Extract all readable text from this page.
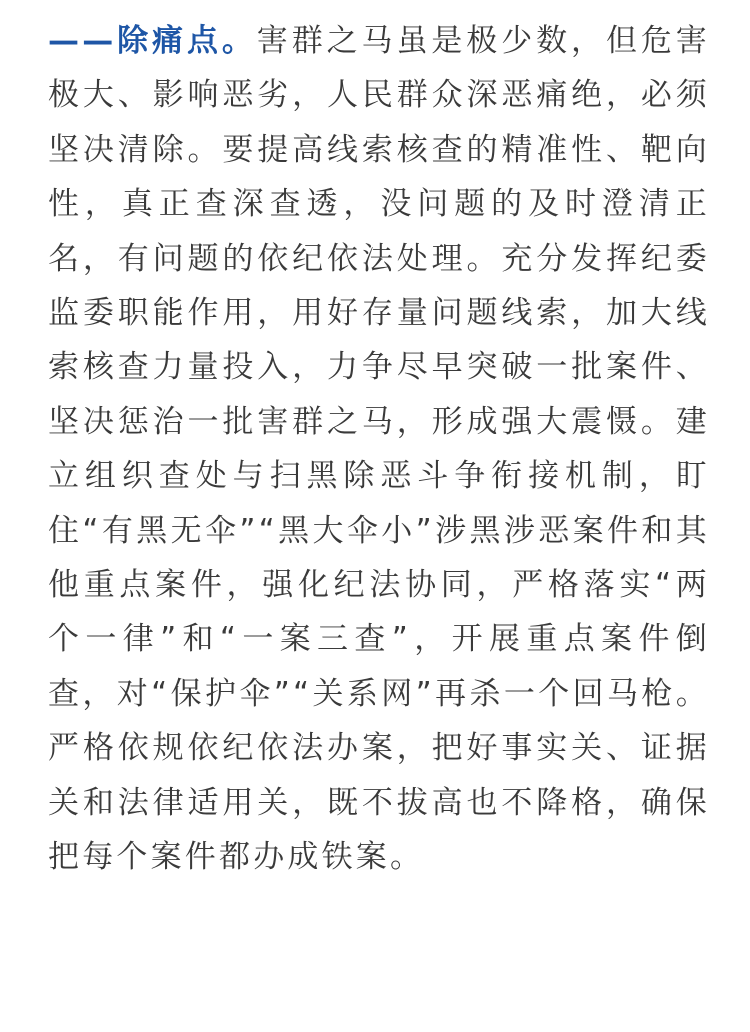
——除痛点。害群之马虽是极少数，但危害极大、影响恶劣，人民群众深恶痛绝，必须坚决清除。要提高线索核查的精准性、靶向性，真正查深查透，没问题的及时澄清正名，有问题的依纪依法处理。充分发挥纪委监委职能作用，用好存量问题线索，加大线索核查力量投入，力争尽早突破一批案件、坚决惩治一批害群之马，形成强大震慑。建立组织查处与扫黑除恶斗争衔接机制，盯住“有黑无伞”“黑大伞小”涉黑涉恶案件和其他重点案件，强化纪法协同，严格落实“两个一律”和“一案三查”，开展重点案件倒查，对“保护伞”“关系网”再杀一个回马枪。严格依规依纪依法办案，把好事实关、证据关和法律适用关，既不拔高也不降格，确保把每个案件都办成铁案。
